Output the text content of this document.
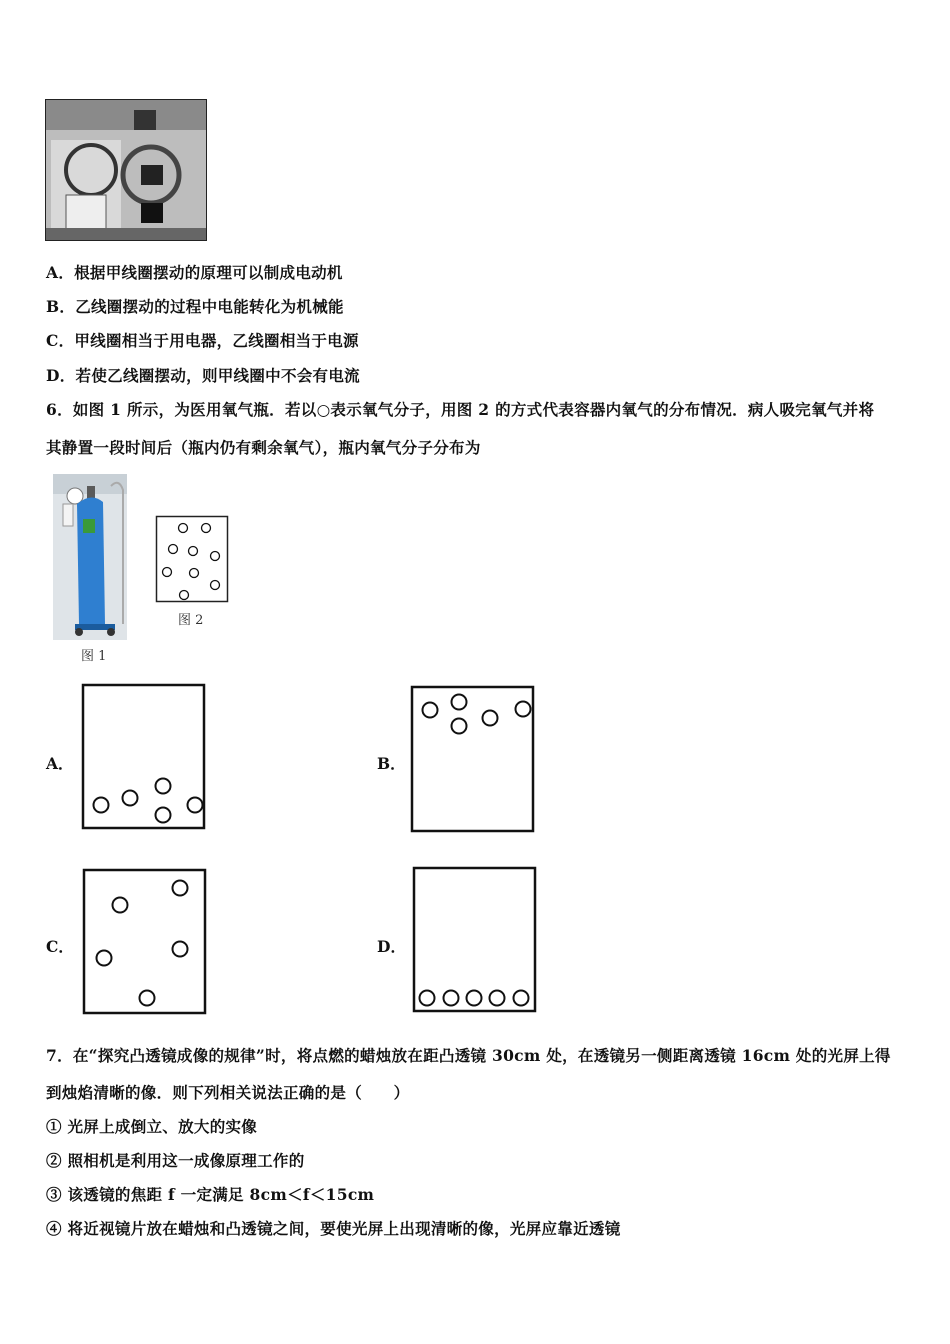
A．根据甲线圈摆动的原理可以制成电动机
B．乙线圈摆动的过程中电能转化为机械能
C．甲线圈相当于用电器，乙线圈相当于电源
D．若使乙线圈摆动，则甲线圈中不会有电流
6．如图 1 所示，为医用氧气瓶．若以○表示氧气分子，用图 2 的方式代表容器内氧气的分布情况．病人吸完氧气并将
其静置一段时间后（瓶内仍有剩余氧气），瓶内氧气分子分布为
图 1
图 2
A．	B．
C．	D．
7．在“探究凸透镜成像的规律”时，将点燃的蜡烛放在距凸透镜 30cm 处，在透镜另一侧距离透镜 16cm 处的光屏上得
到烛焰清晰的像．则下列相关说法正确的是（　　）
① 光屏上成倒立、放大的实像
② 照相机是利用这一成像原理工作的
③ 该透镜的焦距 f 一定满足 8cm＜f＜15cm
④ 将近视镜片放在蜡烛和凸透镜之间，要使光屏上出现清晰的像，光屏应靠近透镜
